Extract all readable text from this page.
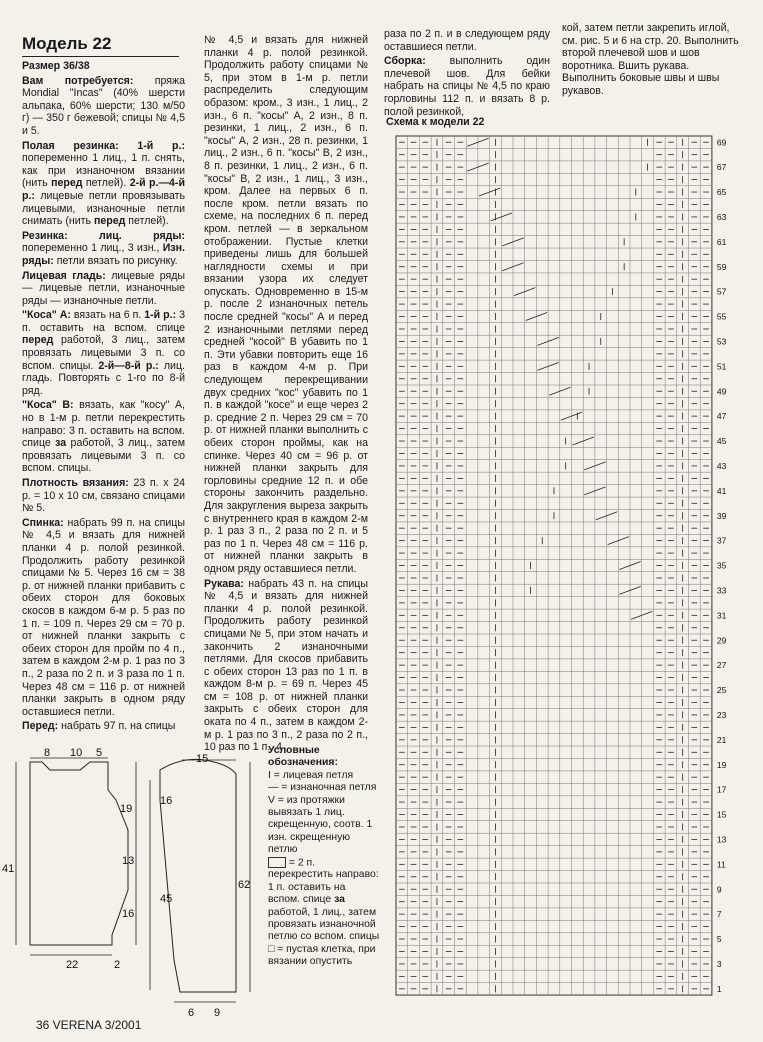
Модель 22

Размер 36/38

Вам потребуется: пряжа Mondial "Incas" (40% шерсти альпака, 60% шерсти; 130 м/50 г) — 350 г бежевой; спицы № 4,5 и 5.

Полая резинка: 1-й р.: попеременно 1 лиц., 1 п. снять, как при изнаночном вязании (нить перед петлей). 2-й р.—4-й р.: лицевые петли провязывать лицевыми, изнаночные петли снимать (нить перед петлей).

Резинка:	лиц. ряды: попеременно 1 лиц., 3 изн., Изн. ряды: петли вязать по рисунку.

Лицевая гладь: лицевые ряды — лицевые петли, изнаночные ряды — изнаночные петли.

"Коса" А: вязать на 6 п. 1-й р.: 3 п. оставить на вспом. спице перед работой, 3 лиц., затем провязать лицевыми 3 п. со вспом. спицы. 2-й—8-й р.: лиц. гладь. Повторять с 1-го по 8-й ряд.

"Коса" В: вязать, как "косу" А, но в 1-м р. петли перекрестить направо: 3 п. оставить на вспом. спице за работой, 3 лиц., затем провязать лицевыми 3 п. со вспом. спицы.

Плотность вязания: 23 п. х 24 р. = 10 х 10 см, связано спицами № 5.

Спинка: набрать 99 п. на спицы № 4,5 и вязать для нижней планки 4 р. полой резинкой. Продолжить работу резинкой спицами № 5. Через 16 см = 38 р. от нижней планки прибавить с обеих сторон для боковых скосов в каждом 6-м р. 5 раз по 1 п. = 109 п. Через 29 см = 70 р. от нижней планки закрыть с обеих сторон для пройм по 4 п., затем в каждом 2-м р. 1 раз по 3 п., 2 раза по 2 п. и 3 раза по 1 п. Через 48 см = 116 р. от нижней планки закрыть в одном ряду оставшиеся петли.

Перед: набрать 97 п. на спицы

№ 4,5 и вязать для нижней планки 4 р. полой резинкой. Продолжить работу спицами № 5, при этом в 1-м р. петли распределить следующим образом: кром., 3 изн., 1 лиц., 2 изн., 6 п. "косы" А, 2 изн., 8 п. резинки, 1 лиц., 2 изн., 6 п. "косы" А, 2 изн., 28 п. резинки, 1 лиц., 2 изн., 6 п. "косы" В, 2 изн., 8 п. резинки, 1 лиц., 2 изн., 6 п. "косы" В, 2 изн., 1 лиц., 3 изн., кром. Далее на первых 6 п. после кром. петли вязать по схеме, на последних 6 п. перед кром. петлей — в зеркальном отображении. Пустые клетки приведены лишь для большей наглядности схемы и при вязании узора их следует опускать. Одновременно в 15-м р. после 2 изнаночных петель после средней "косы" А и перед 2 изнаночными петлями перед средней "косой" В убавить по 1 п. Эти убавки повторить еще 16 раз в каждом 4-м р. При следующем перекрещивании двух средних "кос" убавить по 1 п. в каждой "косе" и еще через 2 р. средние 2 п. Через 29 см = 70 р. от нижней планки выполнить с обеих сторон проймы, как на спинке. Через 40 см = 96 р. от нижней планки закрыть для горловины средние 12 п. и обе стороны закончить раздельно. Для закругления выреза закрыть с внутреннего края в каждом 2-м р. 1 раз 3 п., 2 раза по 2 п. и 5 раз по 1 п. Через 48 см = 116 р. от нижней планки закрыть в одном ряду оставшиеся петли.

Рукава: набрать 43 п. на спицы № 4,5 и вязать для нижней планки 4 р. полой резинкой. Продолжить работу резинкой спицами № 5, при этом начать и закончить 2 изнаночными петлями. Для скосов прибавить с обеих сторон 13 раз по 1 п. в каждом 8-м р. = 69 п. Через 45 см = 108 р. от нижней планки закрыть с обеих сторон для оката по 4 п., затем в каждом 2-м р. 1 раз по 3 п., 2 раза по 2 п., 10 раз по 1 п., 4

раза по 2 п. и в следующем ряду оставшиеся петли.

Сборка: выполнить один плечевой шов. Для бейки набрать на спицы № 4,5 по краю горловины 112 п. и вязать 8 р. полой резинкой,

кой, затем петли закрепить иглой, см. рис. 5 и 6 на стр. 20. Выполнить второй плечевой шов и шов воротника. Вшить рукава. Выполнить боковые швы и швы рукавов.

Схема к модели 22
69
67
65
63
61
59
57
55
53
51
49
47
45
43
41
39
37
35
33
31
29
27
25
23
21
19
17
15
13
11
9
7
5
3
1
8 10 5
19
13
16
41
22	2
15
16
45
62
6 9

Условные обозначения:

I = лицевая петля

— = изнаночная петля

V = из протяжки вывязать 1 лиц. скрещенную, соотв. 1 изн. скрещенную петлю

= 2 п. перекрестить направо: 1 п. оставить на вспом. спице за работой, 1 лиц., затем провязать изнаночной петлю со вспом. спицы

□ = пустая клетка, при вязании опустить

36 VERENA 3/2001
